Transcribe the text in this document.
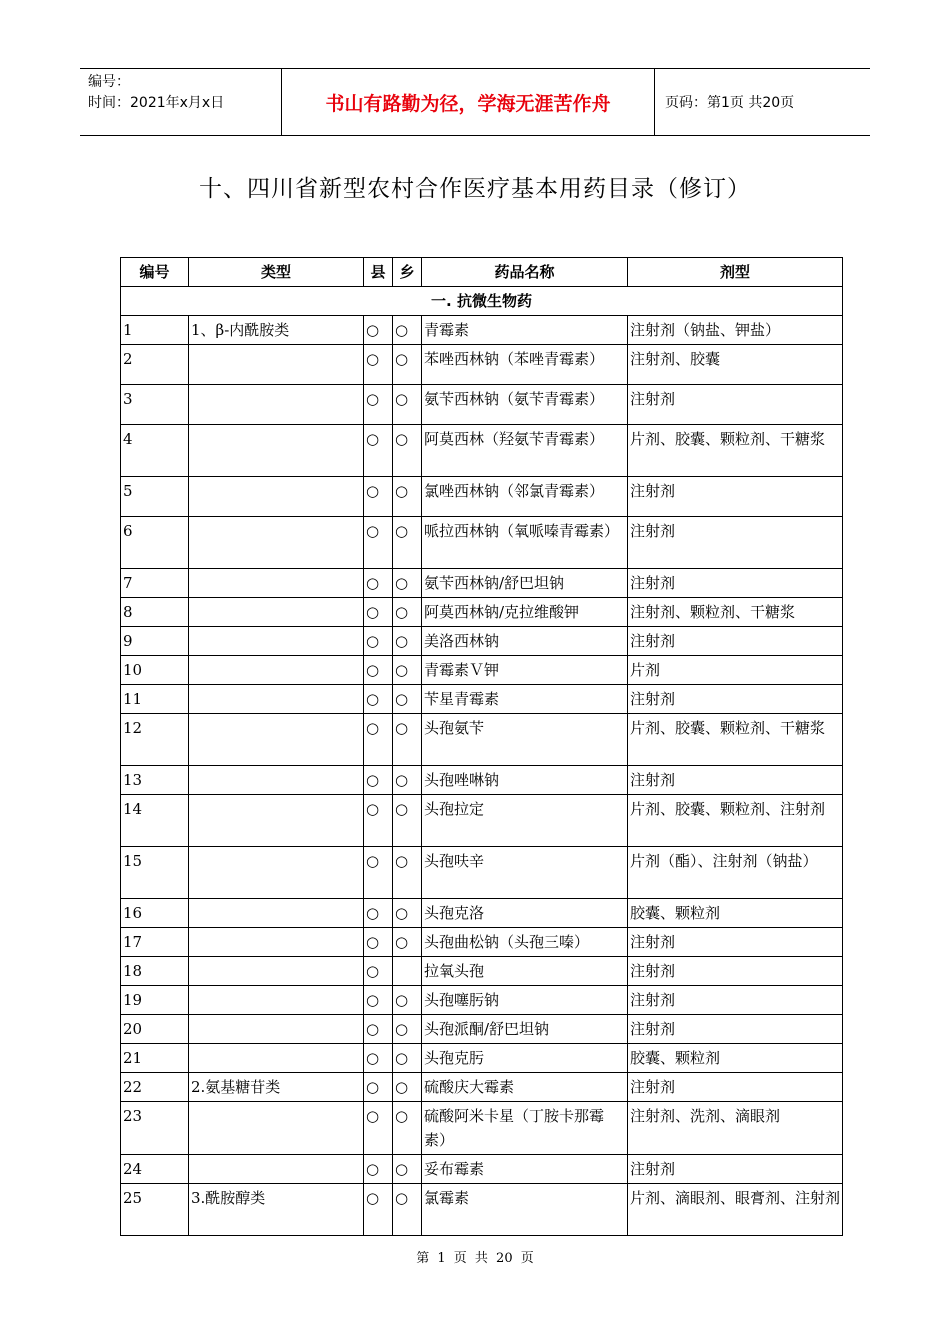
编号：
时间：2021年x月x日	书山有路勤为径，学海无涯苦作舟	页码：第1页 共20页
十、四川省新型农村合作医疗基本用药目录（修订）
编号	类型	县	乡	药品名称	剂型
一. 抗微生物药					
1	1、β-内酰胺类	○	○	青霉素	注射剂（钠盐、钾盐）
2		○	○	苯唑西林钠（苯唑青霉素）	注射剂、胶囊
3		○	○	氨苄西林钠（氨苄青霉素）	注射剂
4		○	○	阿莫西林（羟氨苄青霉素）	片剂、胶囊、颗粒剂、干糖浆
5		○	○	氯唑西林钠（邻氯青霉素）	注射剂
6		○	○	哌拉西林钠（氧哌嗪青霉素）	注射剂
7		○	○	氨苄西林钠/舒巴坦钠	注射剂
8		○	○	阿莫西林钠/克拉维酸钾	注射剂、颗粒剂、干糖浆
9		○	○	美洛西林钠	注射剂
10		○	○	青霉素Ｖ钾	片剂
11		○	○	苄星青霉素	注射剂
12		○	○	头孢氨苄	片剂、胶囊、颗粒剂、干糖浆
13		○	○	头孢唑啉钠	注射剂
14		○	○	头孢拉定	片剂、胶囊、颗粒剂、注射剂
15		○	○	头孢呋辛	片剂（酯）、注射剂（钠盐）
16		○	○	头孢克洛	胶囊、颗粒剂
17		○	○	头孢曲松钠（头孢三嗪）	注射剂
18		○		拉氧头孢	注射剂
19		○	○	头孢噻肟钠	注射剂
20		○	○	头孢派酮/舒巴坦钠	注射剂
21		○	○	头孢克肟	胶囊、颗粒剂
22	2.氨基糖苷类	○	○	硫酸庆大霉素	注射剂
23		○	○	硫酸阿米卡星（丁胺卡那霉素）	注射剂、洗剂、滴眼剂
24		○	○	妥布霉素	注射剂
25	3.酰胺醇类	○	○	氯霉素	片剂、滴眼剂、眼膏剂、注射剂
第 1 页 共 20 页
